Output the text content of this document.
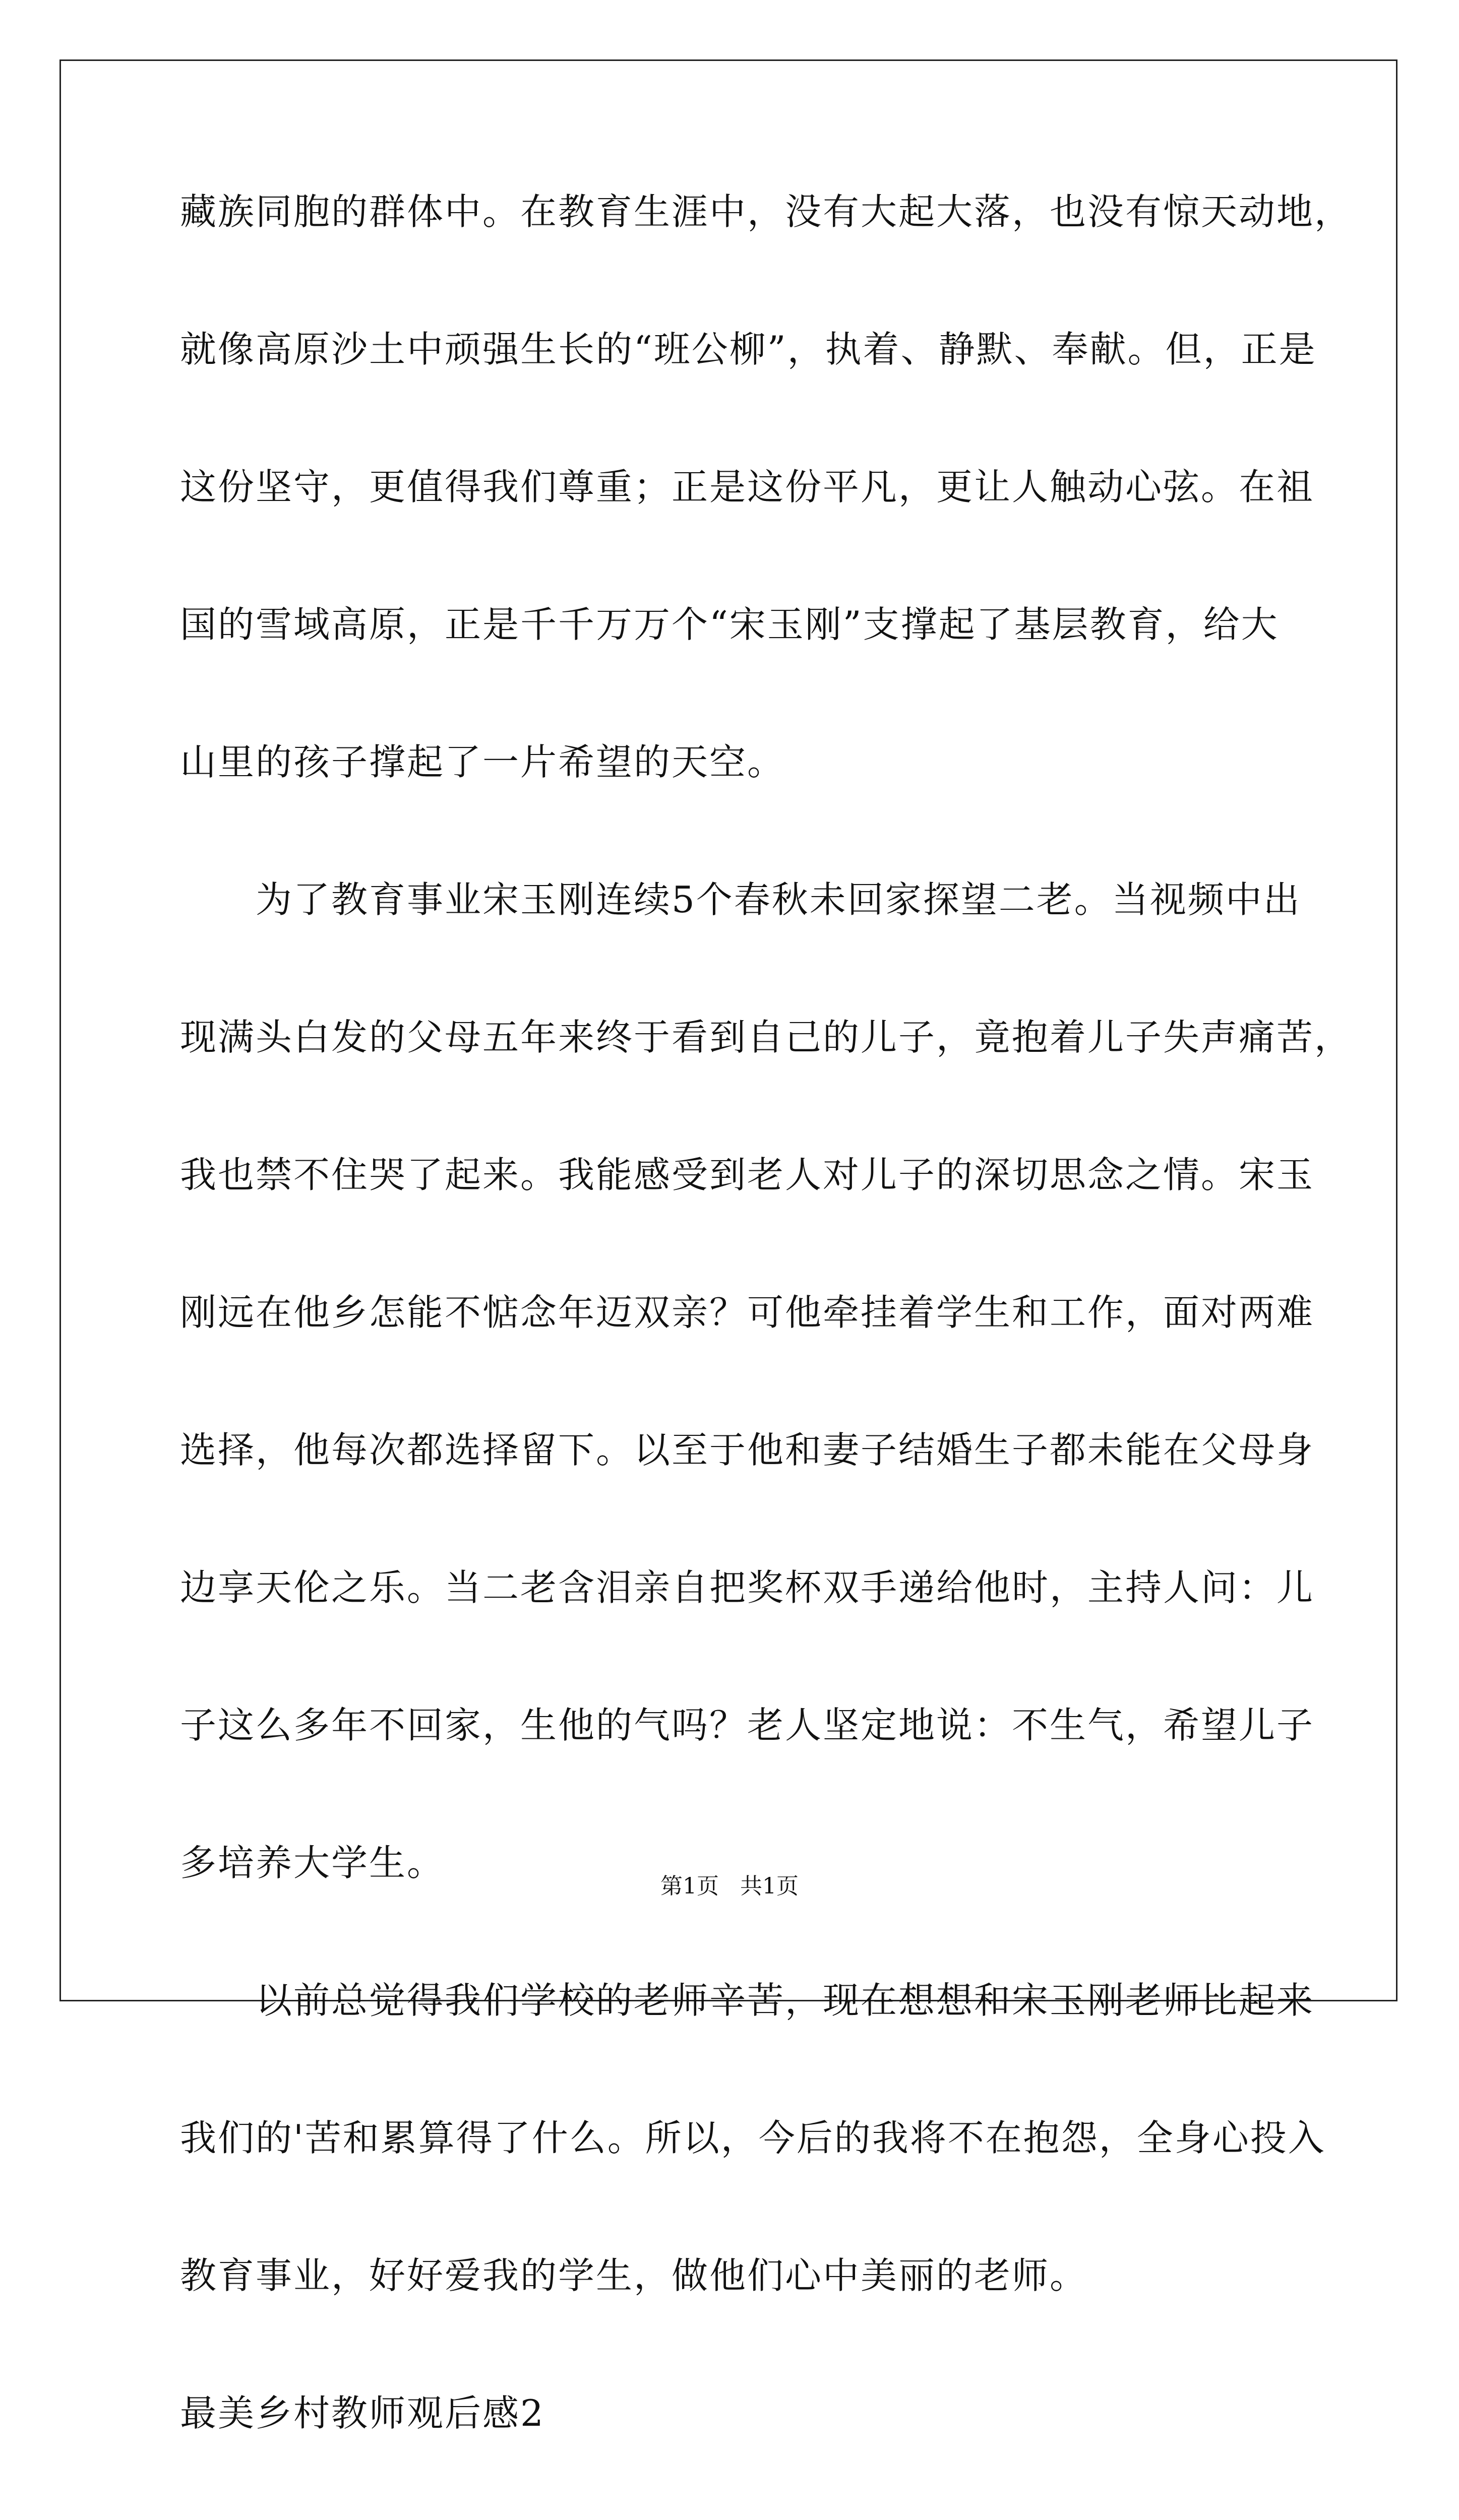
藏族同胞的群体中。在教育生涯中，没有大起大落，也没有惊天动地，
就像高原沙土中顽强生长的“班公柳”，执着、静默、奉献。但，正是
这份坚守，更值得我们尊重；正是这份平凡，更让人触动心弦。在祖
国的雪域高原，正是千千万万个“宋玉刚”支撑起了基层教育，给大
山里的孩子撑起了一片希望的天空。
为了教育事业宋玉刚连续5个春秋未回家探望二老。当视频中出
现满头白发的父母五年来终于看到自己的儿子，竟抱着儿子失声痛苦，
我也禁不住哭了起来。我能感受到老人对儿子的深切思念之情。宋玉
刚远在他乡怎能不惦念年迈双亲？可他牵挂着学生和工作，面对两难
选择，他每次都选择留下。以至于他和妻子结婚生子都未能在父母身
边享天伦之乐。当二老含泪亲自把奖杯双手递给他时，主持人问：儿
子这么多年不回家，生他的气吗？老人坚定地说：不生气，希望儿子
多培养大学生。
以前总觉得我们学校的老师辛苦，现在想想和宋玉刚老师比起来
我们的'苦和累算得了什么。所以，今后的我将不在抱怨，全身心投入
教育事业，好好爱我的学生，做他们心中美丽的老师。
最美乡村教师观后感2
第1页   共1页
